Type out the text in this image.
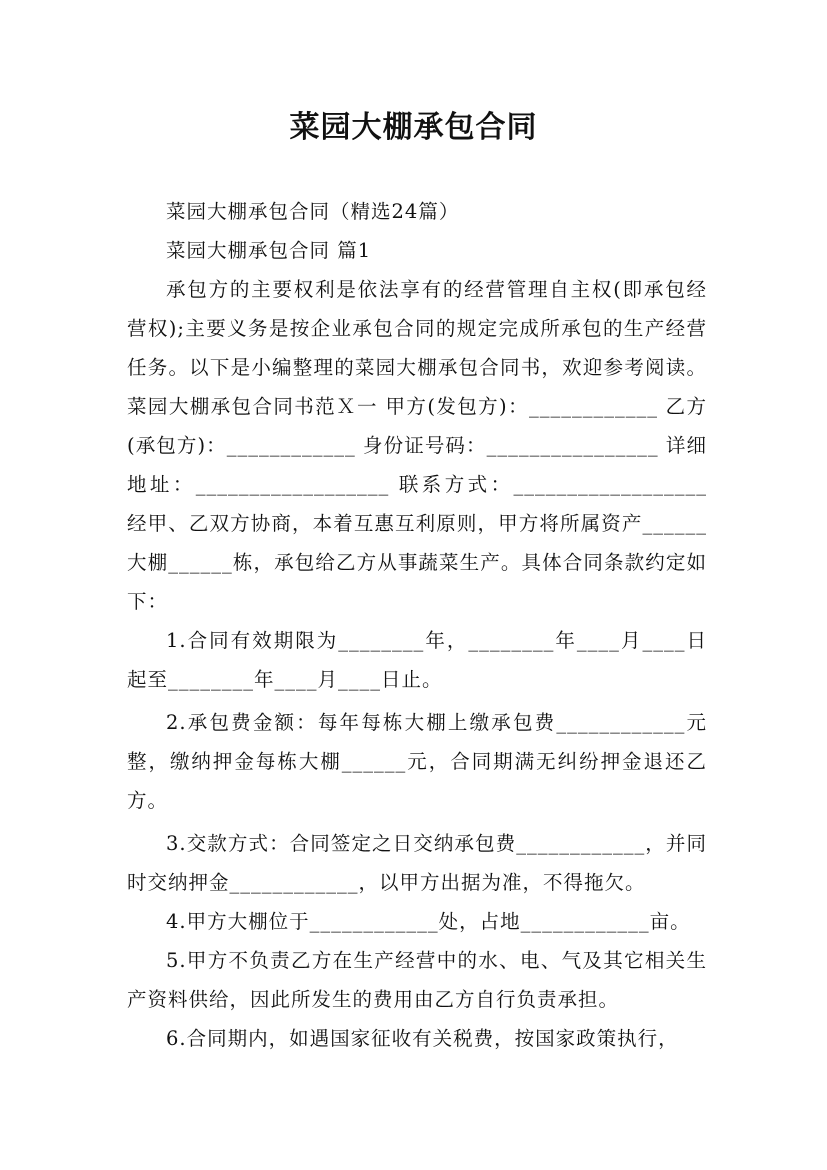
菜园大棚承包合同

菜园大棚承包合同（精选24篇）

菜园大棚承包合同 篇1

承包方的主要权利是依法享有的经营管理自主权(即承包经营权);主要义务是按企业承包合同的规定完成所承包的生产经营任务。以下是小编整理的菜园大棚承包合同书，欢迎参考阅读。 菜园大棚承包合同书范Ｘ一 甲方(发包方)：____________ 乙方(承包方)：____________ 身份证号码：________________ 详细地址：__________________ 联系方式：__________________ 经甲、乙双方协商，本着互惠互利原则，甲方将所属资产______大棚______栋，承包给乙方从事蔬菜生产。具体合同条款约定如下：

1.合同有效期限为________年，________年____月____日起至________年____月____日止。

2.承包费金额：每年每栋大棚上缴承包费____________元整，缴纳押金每栋大棚______元，合同期满无纠纷押金退还乙方。

3.交款方式：合同签定之日交纳承包费____________，并同时交纳押金____________，以甲方出据为准，不得拖欠。

4.甲方大棚位于____________处，占地____________亩。

5.甲方不负责乙方在生产经营中的水、电、气及其它相关生产资料供给，因此所发生的费用由乙方自行负责承担。

6.合同期内，如遇国家征收有关税费，按国家政策执行，
